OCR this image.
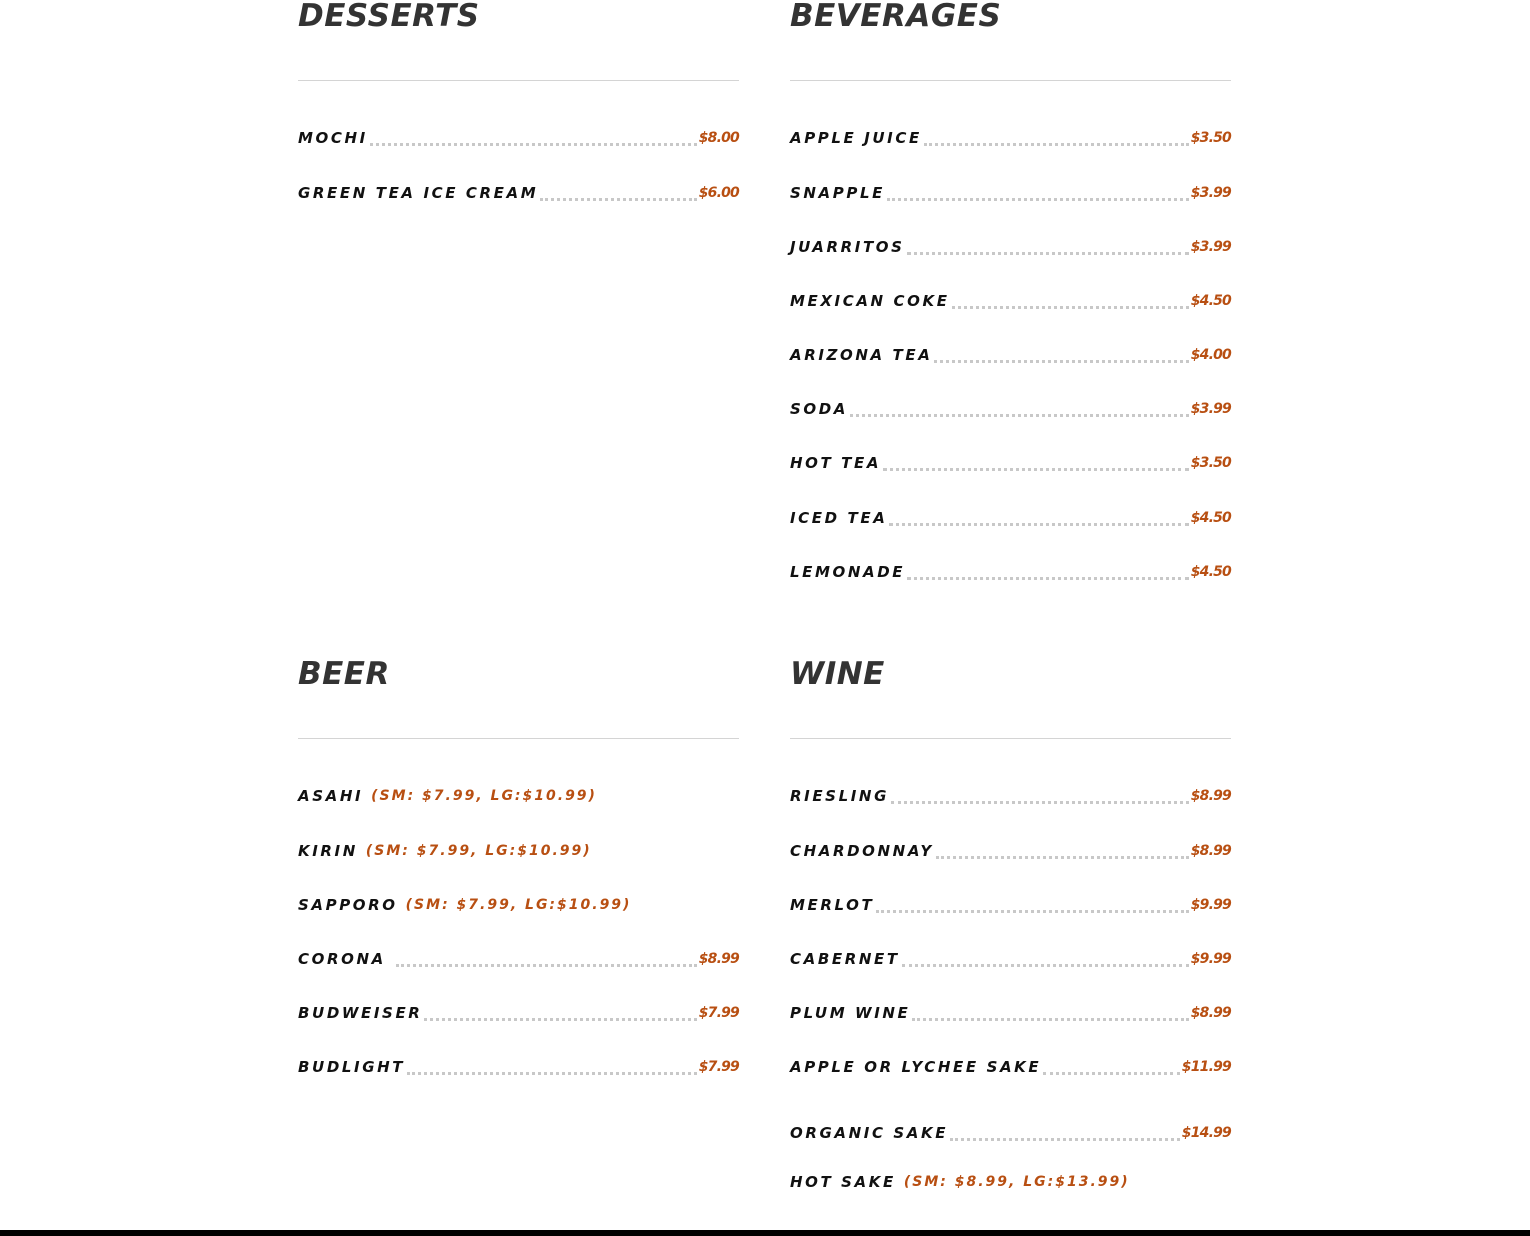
DESSERTS
MOCHI	$8.00
GREEN TEA ICE CREAM	$6.00
BEVERAGES
APPLE JUICE	$3.50
SNAPPLE	$3.99
JUARRITOS	$3.99
MEXICAN COKE	$4.50
ARIZONA TEA	$4.00
SODA	$3.99
HOT TEA	$3.50
ICED TEA	$4.50
LEMONADE	$4.50
BEER
ASAHI (SM: $7.99, LG:$10.99)
KIRIN (SM: $7.99, LG:$10.99)
SAPPORO (SM: $7.99, LG:$10.99)
CORONA	$8.99
BUDWEISER	$7.99
BUDLIGHT	$7.99
WINE
RIESLING	$8.99
CHARDONNAY	$8.99
MERLOT	$9.99
CABERNET	$9.99
PLUM WINE	$8.99
APPLE OR LYCHEE SAKE	$11.99
ORGANIC SAKE	$14.99
HOT SAKE (SM: $8.99, LG:$13.99)
